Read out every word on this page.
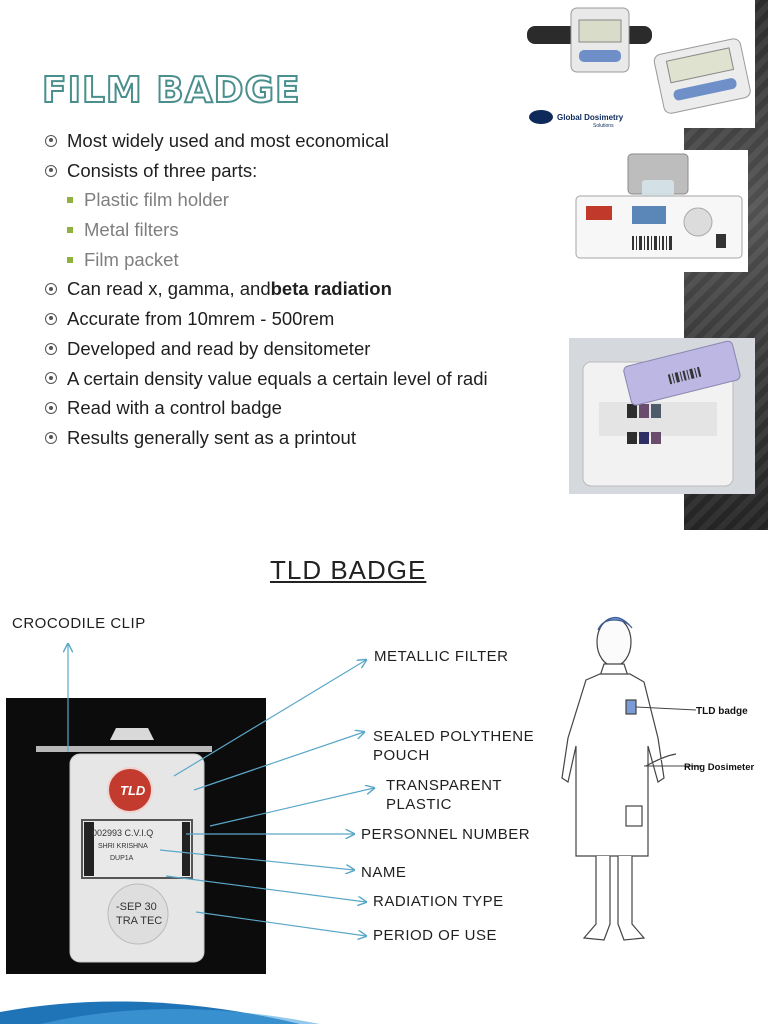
FILM BADGE
Most widely used and most economical
Consists of three parts:
Plastic film holder
Metal filters
Film packet
Can read x, gamma, and beta radiation
Accurate from 10mrem - 500rem
Developed and read by densitometer
A certain density value equals a certain level of radi
Read with a control badge
Results generally sent as a printout
Global Dosimetry
Solutions
TLD BADGE
CROCODILE CLIP
METALLIC FILTER
SEALED POLYTHENE
POUCH
TRANSPARENT
PLASTIC
PERSONNEL NUMBER
NAME
RADIATION TYPE
PERIOD OF USE
TLD
002993 C.V.I.Q
SHRI KRISHNA
DUP1A
-SEP 30
TRA TEC
TLD badge
Ring Dosimeter
